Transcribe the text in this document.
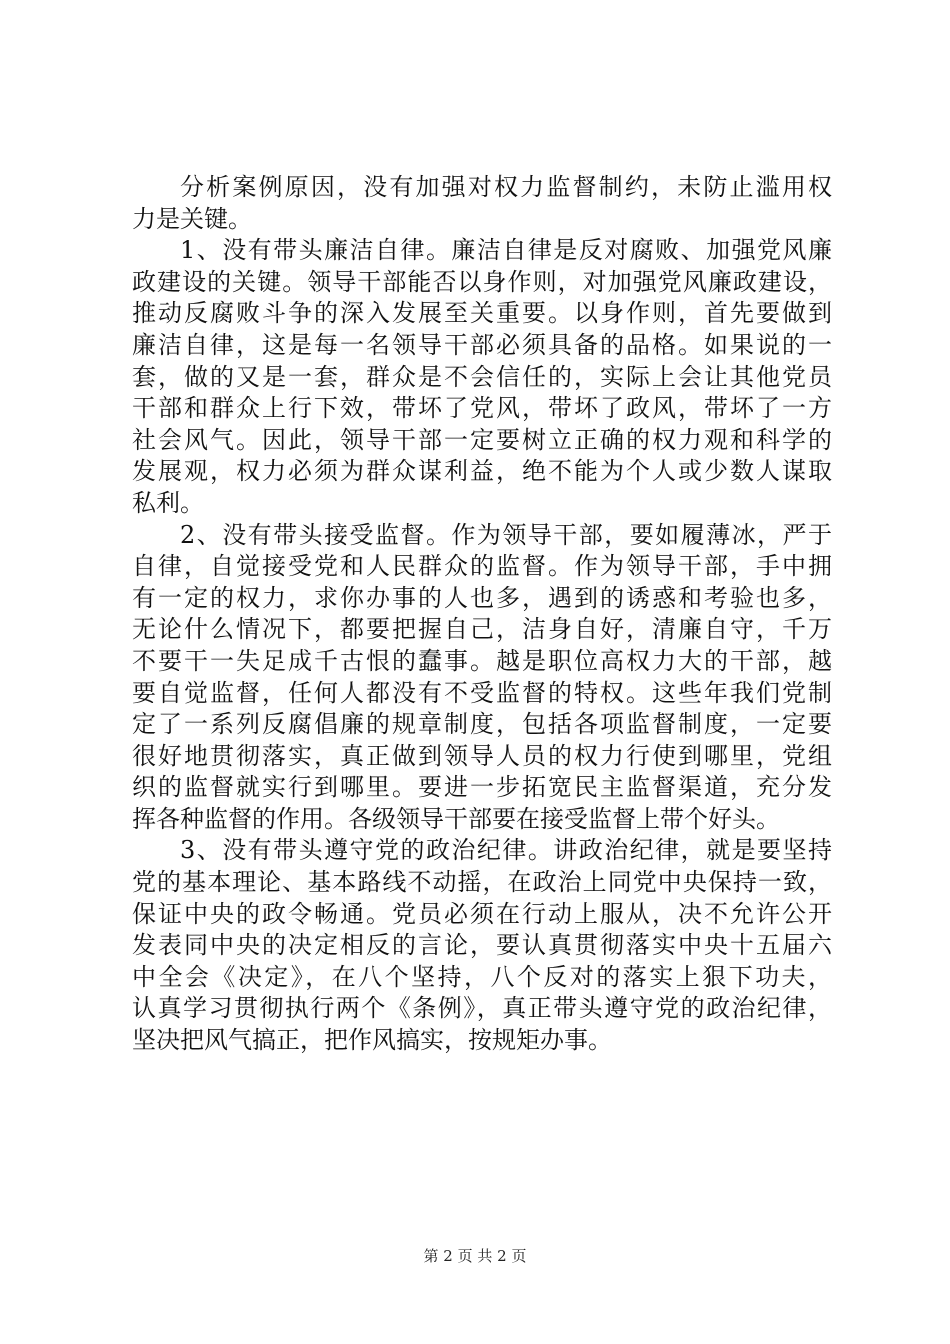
分析案例原因，没有加强对权力监督制约，未防止滥用权
力是关键。
1、没有带头廉洁自律。廉洁自律是反对腐败、加强党风廉
政建设的关键。领导干部能否以身作则，对加强党风廉政建设，
推动反腐败斗争的深入发展至关重要。以身作则，首先要做到
廉洁自律，这是每一名领导干部必须具备的品格。如果说的一
套，做的又是一套，群众是不会信任的，实际上会让其他党员
干部和群众上行下效，带坏了党风，带坏了政风，带坏了一方
社会风气。因此，领导干部一定要树立正确的权力观和科学的
发展观，权力必须为群众谋利益，绝不能为个人或少数人谋取
私利。
2、没有带头接受监督。作为领导干部，要如履薄冰，严于
自律，自觉接受党和人民群众的监督。作为领导干部，手中拥
有一定的权力，求你办事的人也多，遇到的诱惑和考验也多，
无论什么情况下，都要把握自己，洁身自好，清廉自守，千万
不要干一失足成千古恨的蠢事。越是职位高权力大的干部，越
要自觉监督，任何人都没有不受监督的特权。这些年我们党制
定了一系列反腐倡廉的规章制度，包括各项监督制度，一定要
很好地贯彻落实，真正做到领导人员的权力行使到哪里，党组
织的监督就实行到哪里。要进一步拓宽民主监督渠道，充分发
挥各种监督的作用。各级领导干部要在接受监督上带个好头。
3、没有带头遵守党的政治纪律。讲政治纪律，就是要坚持
党的基本理论、基本路线不动摇，在政治上同党中央保持一致，
保证中央的政令畅通。党员必须在行动上服从，决不允许公开
发表同中央的决定相反的言论，要认真贯彻落实中央十五届六
中全会《决定》，在八个坚持，八个反对的落实上狠下功夫，
认真学习贯彻执行两个《条例》，真正带头遵守党的政治纪律，
坚决把风气搞正，把作风搞实，按规矩办事。
第 2 页 共 2 页
